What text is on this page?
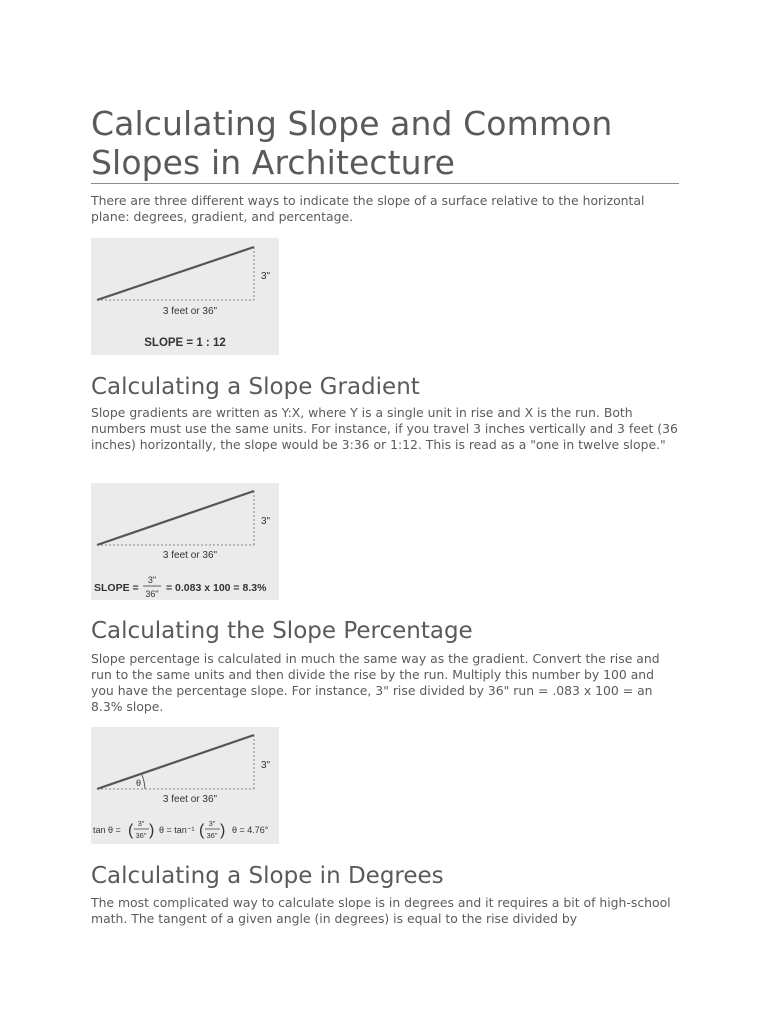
Calculating Slope and Common Slopes in Architecture

There are three different ways to indicate the slope of a surface relative to the horizontal plane: degrees, gradient, and percentage.

3"
3 feet or 36"
SLOPE = 1 : 12
Calculating a Slope Gradient

Slope gradients are written as Y:X, where Y is a single unit in rise and X is the run. Both numbers must use the same units. For instance, if you travel 3 inches vertically and 3 feet (36 inches) horizontally, the slope would be 3:36 or 1:12. This is read as a "one in twelve slope."

3"
3 feet or 36"
SLOPE =
3"
36" = 0.083 x 100 = 8.3%
Calculating the Slope Percentage

Slope percentage is calculated in much the same way as the gradient. Convert the rise and run to the same units and then divide the rise by the run. Multiply this number by 100 and you have the percentage slope. For instance, 3" rise divided by 36" run = .083 x 100 = an 8.3% slope.

θ
3"
3 feet or 36"
tan θ = ( 3"
36" ) θ = tan⁻¹ ( 3"
36" ) θ = 4.76°
Calculating a Slope in Degrees

The most complicated way to calculate slope is in degrees and it requires a bit of high-school math. The tangent of a given angle (in degrees) is equal to the rise divided by
